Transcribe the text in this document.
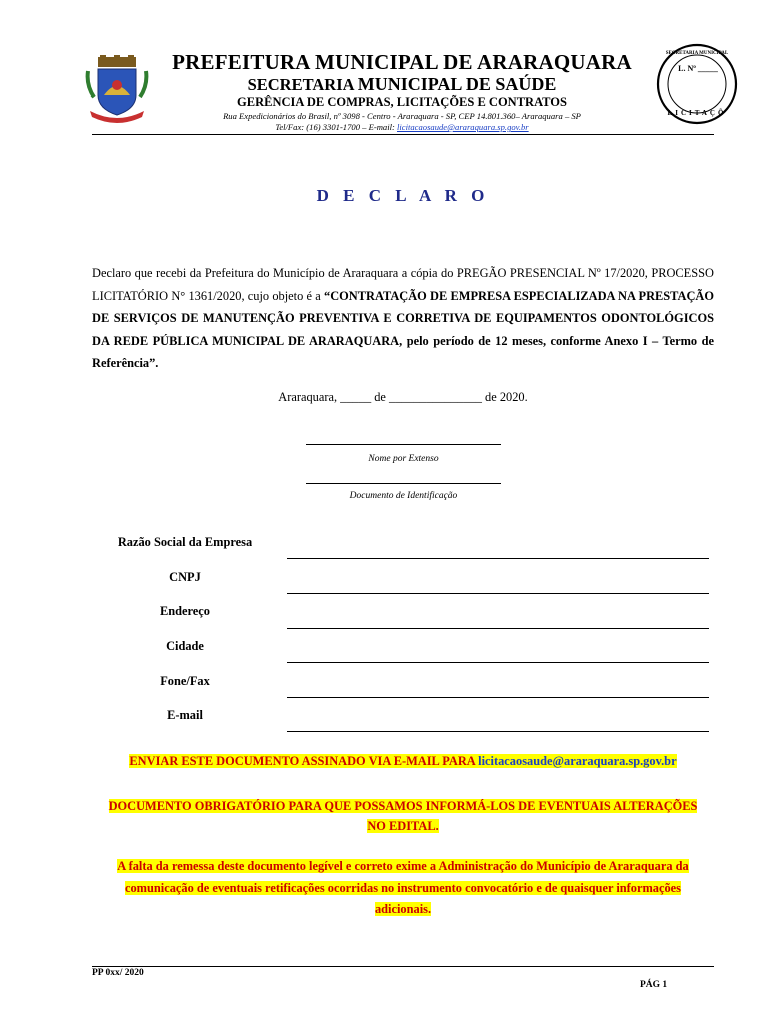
LICITAÇÕ
SECRETARIA MUNICIPAL
L. Nº _____
PREFEITURA MUNICIPAL DE ARARAQUARA
SECRETARIA MUNICIPAL DE SAÚDE
GERÊNCIA DE COMPRAS, LICITAÇÕES E CONTRATOS
Rua Expedicionários do Brasil, nº 3098 - Centro - Araraquara - SP, CEP 14.801.360– Araraquara – SP
Tel/Fax: (16) 3301-1700 – E-mail: licitacaosaude@araraquara.sp.gov.br
D E C L A R O
Declaro que recebi da Prefeitura do Município de Araraquara a cópia do PREGÃO PRESENCIAL Nº 17/2020, PROCESSO LICITATÓRIO N° 1361/2020, cujo objeto é a “CONTRATAÇÃO DE EMPRESA ESPECIALIZADA NA PRESTAÇÃO DE SERVIÇOS DE MANUTENÇÃO PREVENTIVA E CORRETIVA DE EQUIPAMENTOS ODONTOLÓGICOS DA REDE PÚBLICA MUNICIPAL DE ARARAQUARA, pelo período de 12 meses, conforme Anexo I – Termo de Referência”.
Araraquara, _____ de _______________ de 2020.
Nome por Extenso
Documento de Identificação
Razão Social da Empresa
CNPJ
Endereço
Cidade
Fone/Fax
E-mail
ENVIAR ESTE DOCUMENTO ASSINADO VIA E-MAIL PARA licitacaosaude@araraquara.sp.gov.br
DOCUMENTO OBRIGATÓRIO PARA QUE POSSAMOS INFORMÁ-LOS DE EVENTUAIS ALTERAÇÕES
NO EDITAL.
A falta da remessa deste documento legível e correto exime a Administração do Município de Araraquara da
comunicação de eventuais retificações ocorridas no instrumento convocatório e de quaisquer informações
adicionais.
PP 0xx/ 2020
PÁG 1
